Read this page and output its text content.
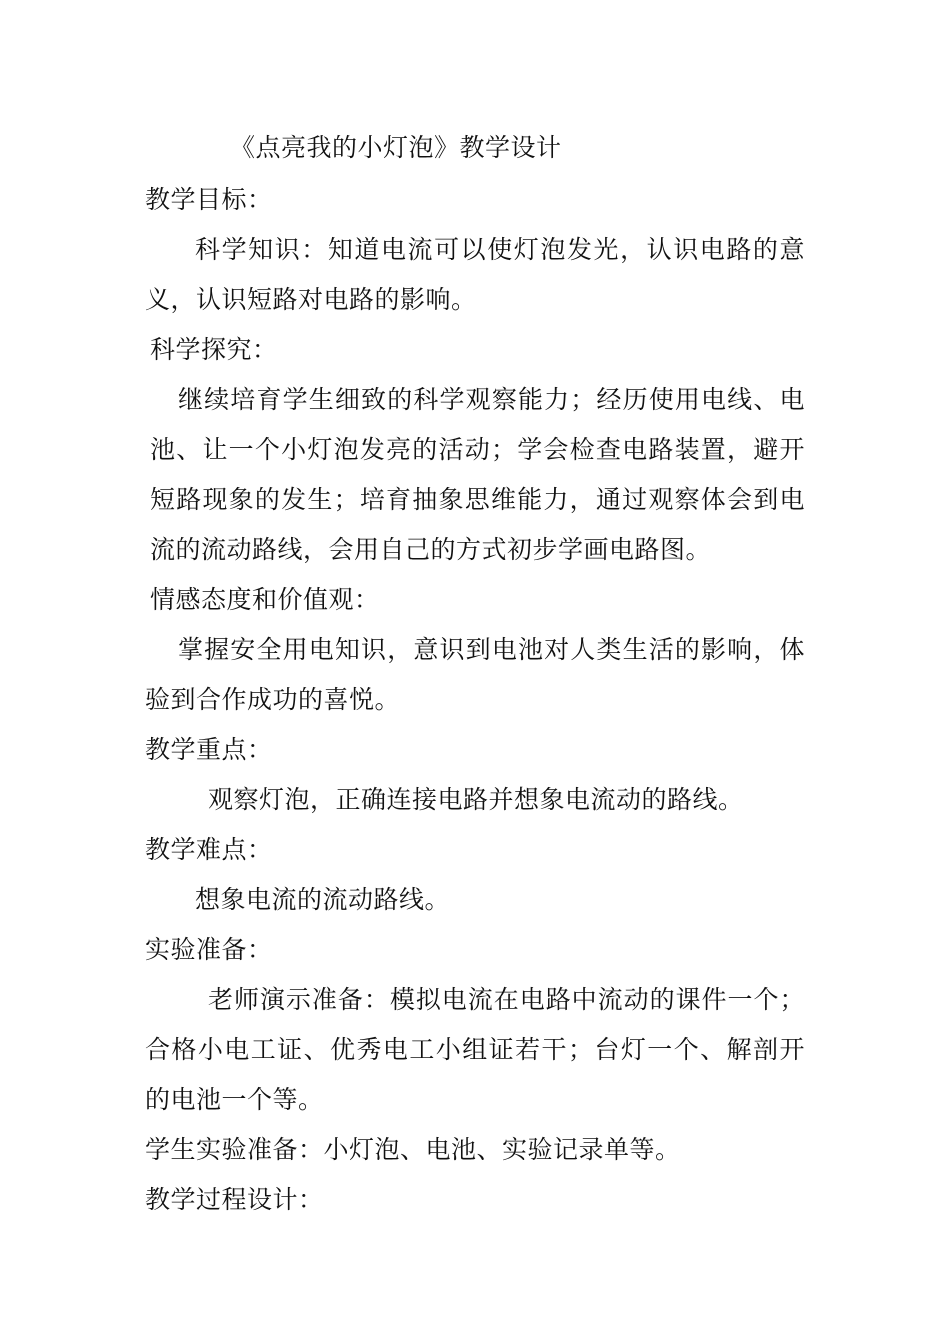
《点亮我的小灯泡》教学设计

教学目标：

科学知识：知道电流可以使灯泡发光，认识电路的意

义，认识短路对电路的影响。

科学探究：

继续培育学生细致的科学观察能力；经历使用电线、电

池、让一个小灯泡发亮的活动；学会检查电路装置，避开

短路现象的发生；培育抽象思维能力，通过观察体会到电

流的流动路线，会用自己的方式初步学画电路图。

情感态度和价值观：

掌握安全用电知识，意识到电池对人类生活的影响，体

验到合作成功的喜悦。

教学重点：

观察灯泡，正确连接电路并想象电流动的路线。

教学难点：

想象电流的流动路线。

实验准备：

老师演示准备：模拟电流在电路中流动的课件一个；

合格小电工证、优秀电工小组证若干；台灯一个、解剖开

的电池一个等。

学生实验准备：小灯泡、电池、实验记录单等。

教学过程设计：
